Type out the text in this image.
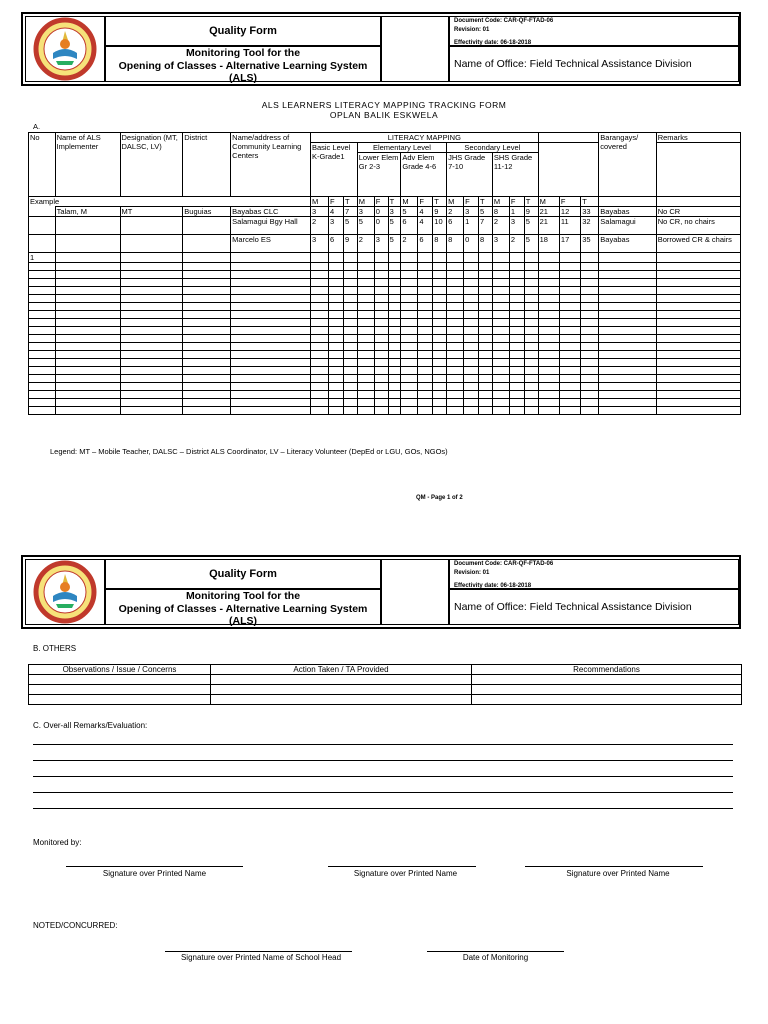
Quality Form
Monitoring Tool for the
Opening of Classes - Alternative Learning System
(ALS)
Document Code: CAR-QF-FTAD-06
Revision: 01
Effectivity date: 06-18-2018
Name of Office: Field Technical Assistance Division
ALS LEARNERS LITERACY MAPPING TRACKING FORM
OPLAN BALIK ESKWELA
A.
No	Name of ALS Implementer	Designation (MT, DALSC, LV)	District	Name/address of Community Learning Centers	LITERACY MAPPING																		Barangays/ covered	Remarks
					Basic Level K-Grade1			Elementary Level						Secondary Level										
								Lower Elem Gr 2-3			Adv Elem Grade 4-6			JHS Grade 7-10			SHS Grade 11-12							
Example					M	F	T	M	F	T	M	F	T	M	F	T	M	F	T	M	F	T		
	Talam, M	MT	Buguias	Bayabas CLC	3	4	7	3	0	3	5	4	9	2	3	5	8	1	9	21	12	33	Bayabas	No CR
				Salamagui Bgy Hall	2	3	5	5	0	5	6	4	10	6	1	7	2	3	5	21	11	32	Salamagui	No CR, no chairs
				Marcelo ES	3	6	9	2	3	5	2	6	8	8	0	8	3	2	5	18	17	35	Bayabas	Borrowed CR & chairs
1																								

Legend: MT – Mobile Teacher, DALSC – District ALS Coordinator, LV – Literacy Volunteer (DepEd or LGU, GOs, NGOs)
QM - Page 1 of 2
Quality Form
Monitoring Tool for the
Opening of Classes - Alternative Learning System
(ALS)
Document Code: CAR-QF-FTAD-06
Revision: 01
Effectivity date: 06-18-2018
Name of Office: Field Technical Assistance Division
B. OTHERS
Observations / Issue / Concerns	Action Taken / TA Provided	Recommendations

C. Over-all Remarks/Evaluation:
Monitored by:
Signature over Printed Name	Signature over Printed Name	Signature over Printed Name
NOTED/CONCURRED:
Signature over Printed Name of School Head	Date of Monitoring
